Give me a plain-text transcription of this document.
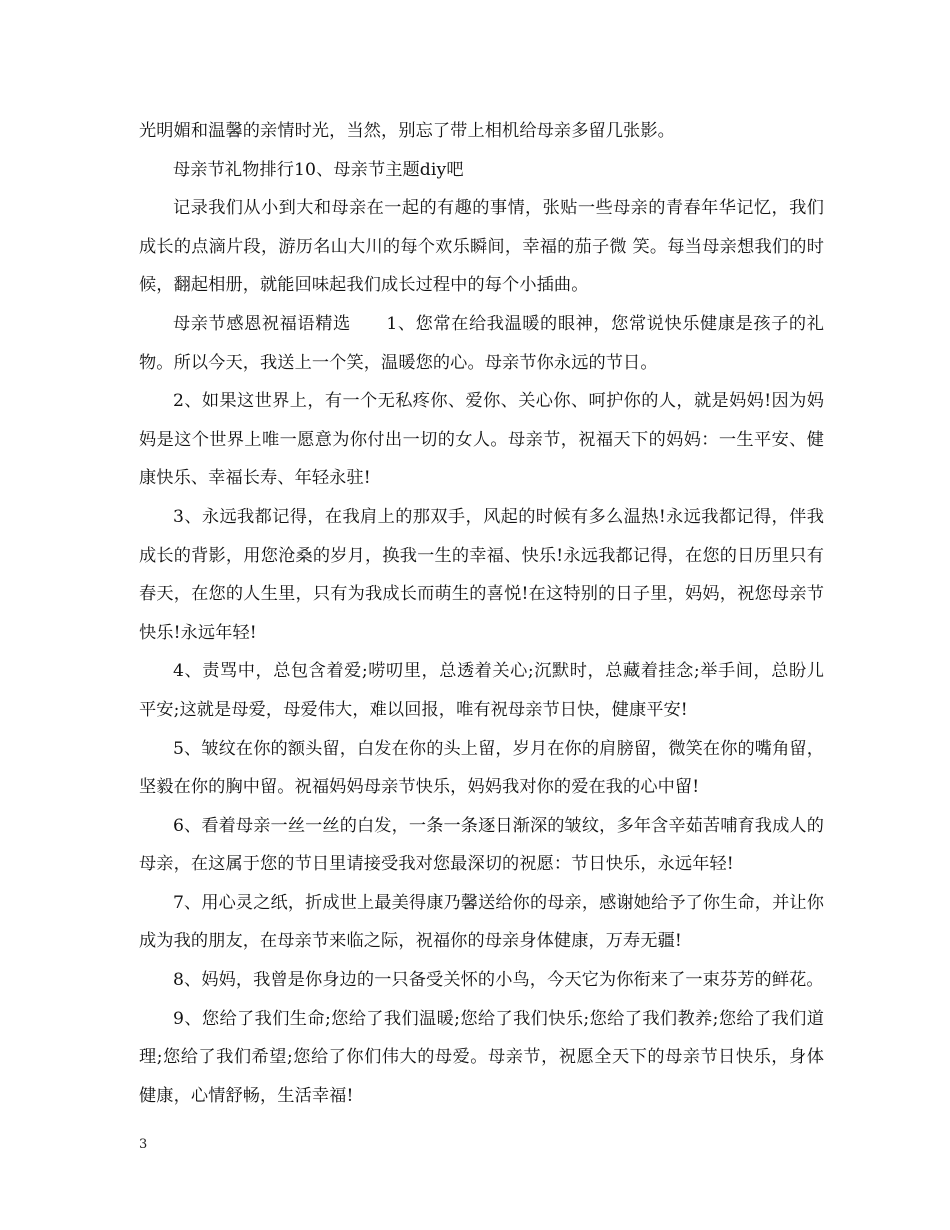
光明媚和温馨的亲情时光，当然，别忘了带上相机给母亲多留几张影。

母亲节礼物排行10、母亲节主题diy吧

记录我们从小到大和母亲在一起的有趣的事情，张贴一些母亲的青春年华记忆，我们成长的点滴片段，游历名山大川的每个欢乐瞬间，幸福的茄子微 笑。每当母亲想我们的时候，翻起相册，就能回味起我们成长过程中的每个小插曲。

母亲节感恩祝福语精选　　1、您常在给我温暖的眼神，您常说快乐健康是孩子的礼物。所以今天，我送上一个笑，温暖您的心。母亲节你永远的节日。

2、如果这世界上，有一个无私疼你、爱你、关心你、呵护你的人，就是妈妈!因为妈妈是这个世界上唯一愿意为你付出一切的女人。母亲节，祝福天下的妈妈：一生平安、健康快乐、幸福长寿、年轻永驻!

3、永远我都记得，在我肩上的那双手，风起的时候有多么温热!永远我都记得，伴我成长的背影，用您沧桑的岁月，换我一生的幸福、快乐!永远我都记得，在您的日历里只有春天，在您的人生里，只有为我成长而萌生的喜悦!在这特别的日子里，妈妈，祝您母亲节快乐!永远年轻!

4、责骂中，总包含着爱;唠叨里，总透着关心;沉默时，总藏着挂念;举手间，总盼儿平安;这就是母爱，母爱伟大，难以回报，唯有祝母亲节日快，健康平安!

5、皱纹在你的额头留，白发在你的头上留，岁月在你的肩膀留，微笑在你的嘴角留，坚毅在你的胸中留。祝福妈妈母亲节快乐，妈妈我对你的爱在我的心中留!

6、看着母亲一丝一丝的白发，一条一条逐日渐深的皱纹，多年含辛茹苦哺育我成人的母亲，在这属于您的节日里请接受我对您最深切的祝愿：节日快乐，永远年轻!

7、用心灵之纸，折成世上最美得康乃馨送给你的母亲，感谢她给予了你生命，并让你成为我的朋友，在母亲节来临之际，祝福你的母亲身体健康，万寿无疆!

8、妈妈，我曾是你身边的一只备受关怀的小鸟，今天它为你衔来了一束芬芳的鲜花。

9、您给了我们生命;您给了我们温暖;您给了我们快乐;您给了我们教养;您给了我们道理;您给了我们希望;您给了你们伟大的母爱。母亲节，祝愿全天下的母亲节日快乐，身体健康，心情舒畅，生活幸福!

3
